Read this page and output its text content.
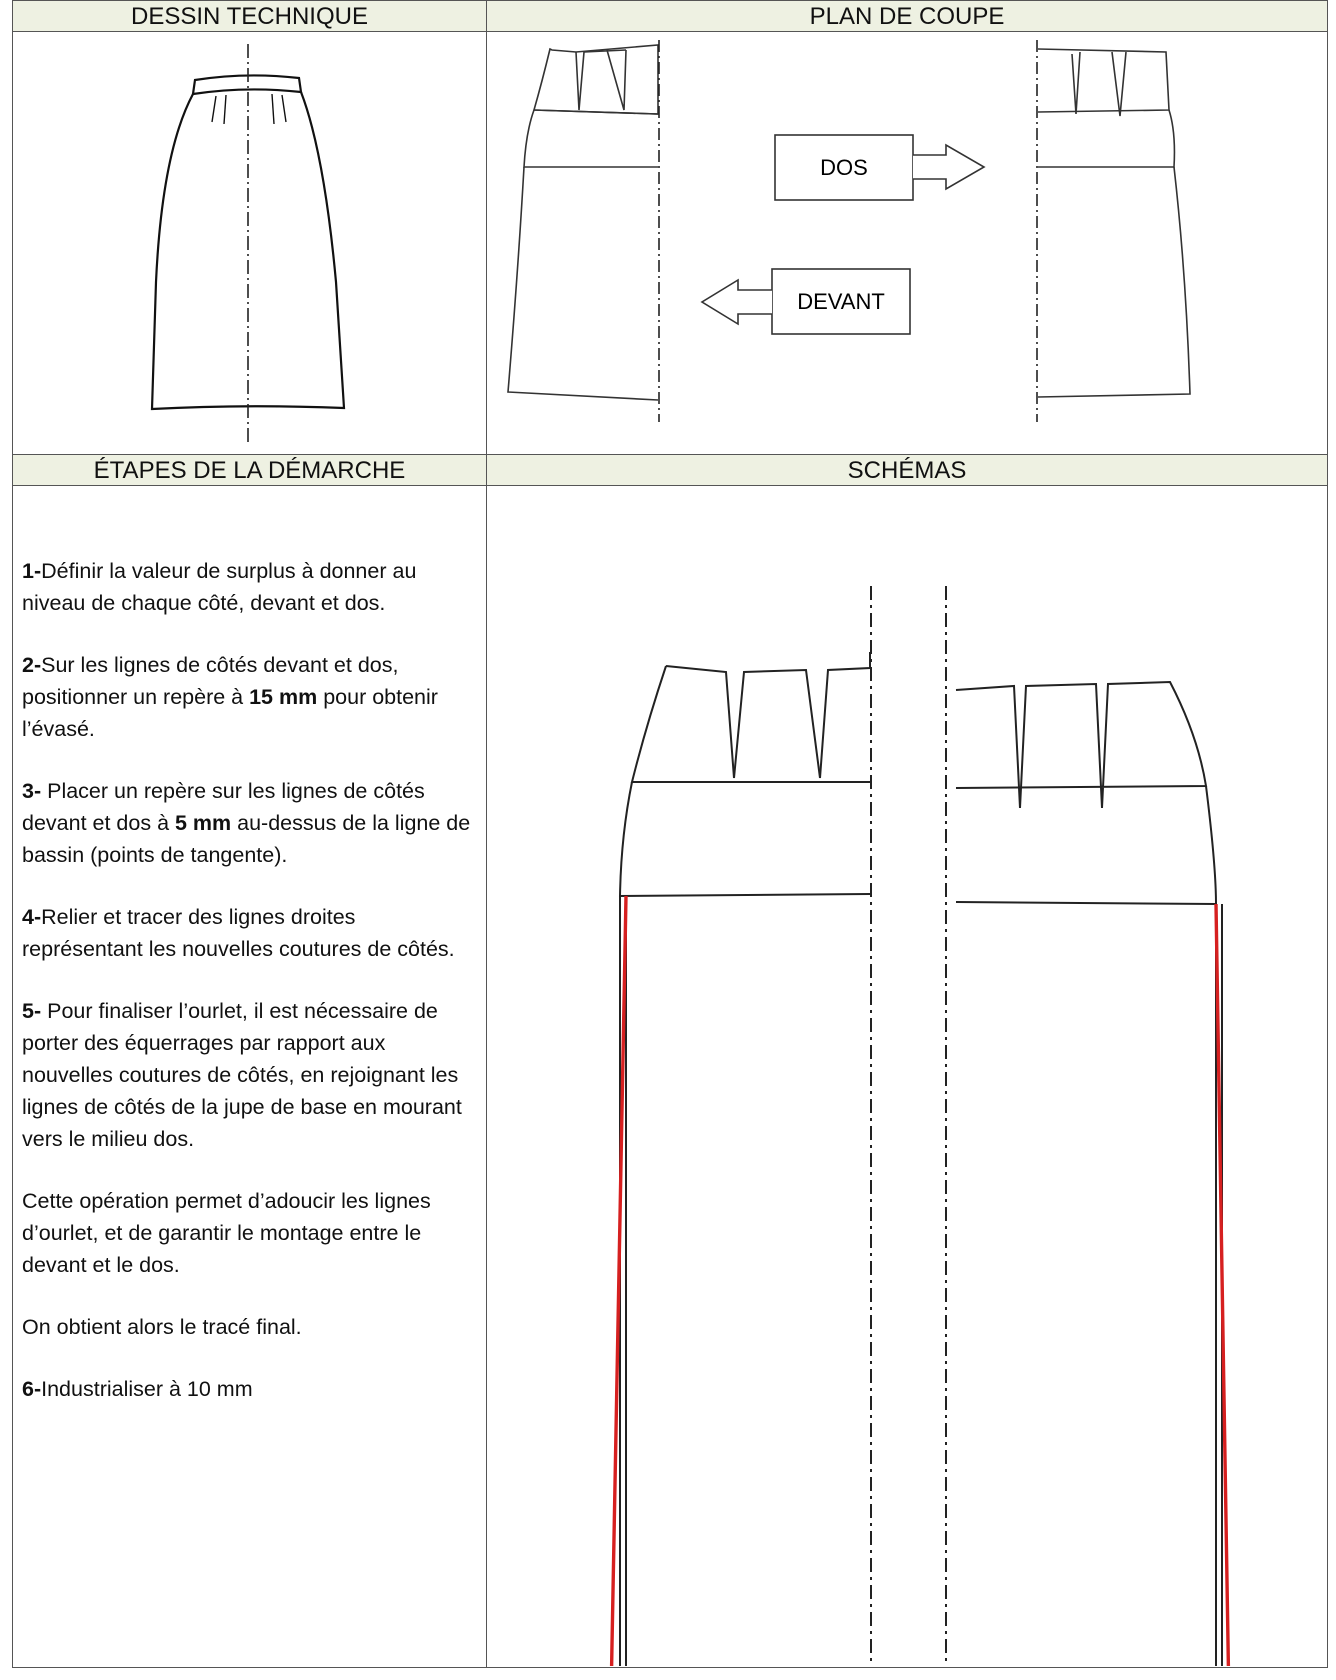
DESSIN TECHNIQUE	PLAN DE COUPE
ÉTAPES DE LA DÉMARCHE	SCHÉMAS
DOS
DEVANT

1-Définir la valeur de surplus à donner au niveau de chaque côté, devant et dos.

2-Sur les lignes de côtés devant et dos, positionner un repère à 15 mm pour obtenir l’évasé.

3- Placer un repère sur les lignes de côtés devant et dos à 5 mm au-dessus de la ligne de bassin (points de tangente).

4-Relier et tracer des lignes droites représentant les nouvelles coutures de côtés.

5- Pour finaliser l’ourlet, il est nécessaire de porter des équerrages par rapport aux nouvelles coutures de côtés, en rejoignant les lignes de côtés de la jupe de base en mourant vers le milieu dos.

Cette opération permet d’adoucir les lignes d’ourlet, et de garantir le montage entre le devant et le dos.

On obtient alors le tracé final.

6-Industrialiser à 10 mm
